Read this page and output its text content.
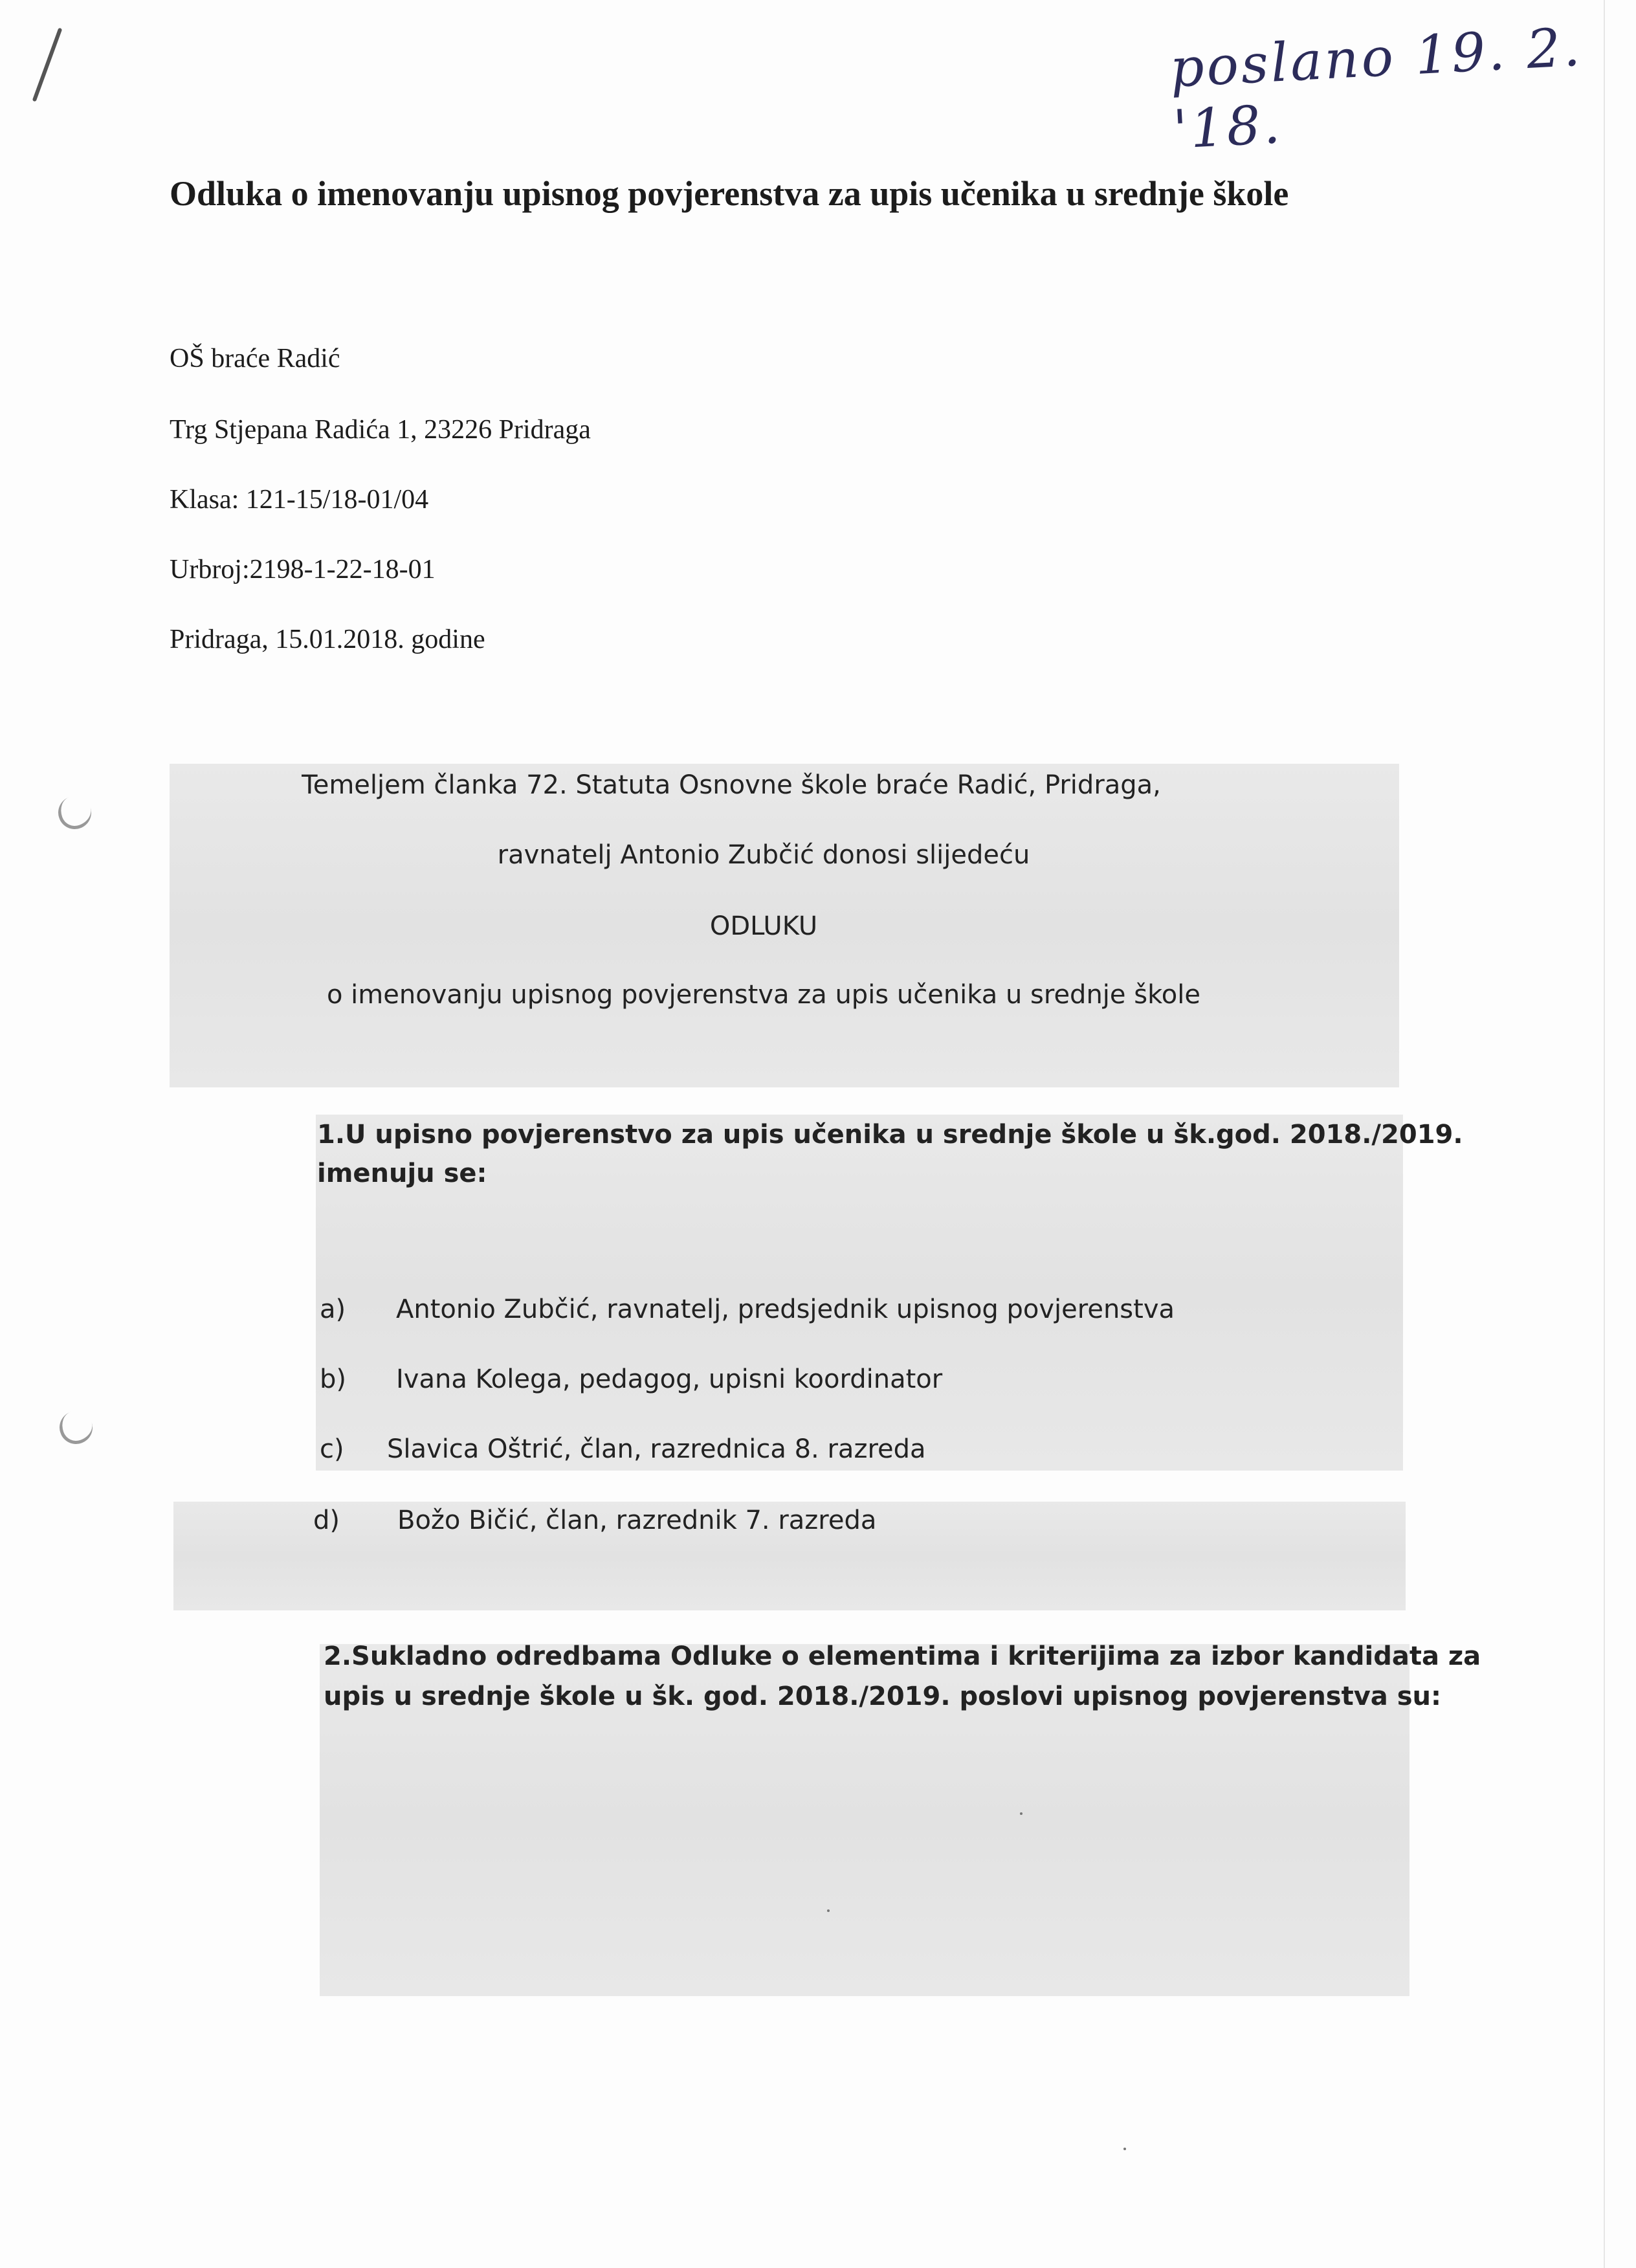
poslano 19. 2. '18.
Odluka o imenovanju upisnog povjerenstva za upis učenika u srednje škole
OŠ braće Radić
Trg Stjepana Radića 1, 23226 Pridraga
Klasa: 121-15/18-01/04
Urbroj:2198-1-22-18-01
Pridraga, 15.01.2018. godine
Temeljem članka 72. Statuta Osnovne škole braće Radić, Pridraga,
ravnatelj Antonio Zubčić donosi slijedeću
ODLUKU
o imenovanju upisnog povjerenstva za upis učenika u srednje škole
1.U upisno povjerenstvo za upis učenika u srednje škole u šk.god. 2018./2019.
imenuju se:
a) Antonio Zubčić, ravnatelj, predsjednik upisnog povjerenstva
b) Ivana Kolega, pedagog, upisni koordinator
c) Slavica Oštrić, član, razrednica 8. razreda
d) Božo Bičić, član, razrednik 7. razreda
2.Sukladno odredbama Odluke o elementima i kriterijima za izbor kandidata za
upis u srednje škole u šk. god. 2018./2019. poslovi upisnog povjerenstva su:
